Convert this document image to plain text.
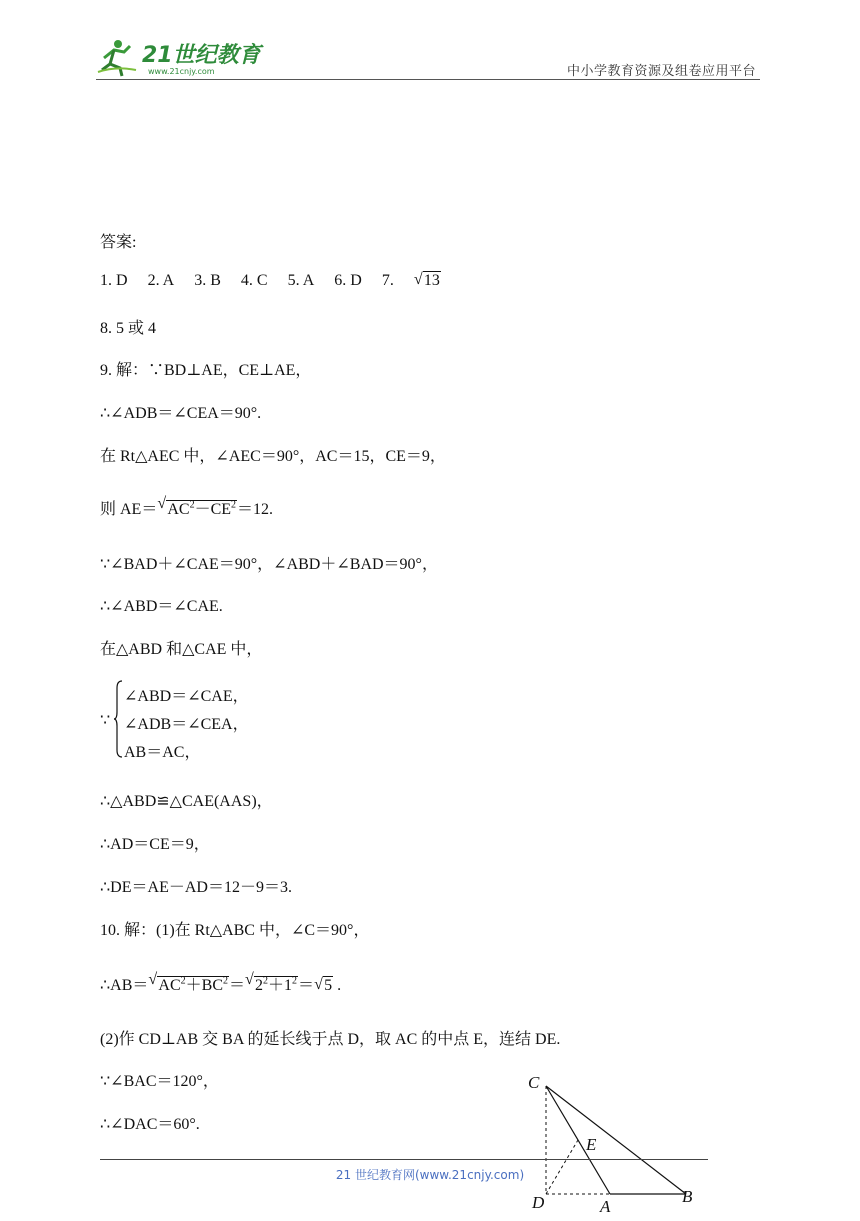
21世纪教育
www.21cnjy.com	中小学教育资源及组卷应用平台
答案:
1. D 2. A 3. B 4. C 5. A 6. D 7. √ 13
8. 5 或 4
9. 解：∵BD⊥AE，CE⊥AE，
∴∠ADB＝∠CEA＝90°.
在 Rt△AEC 中，∠AEC＝90°，AC＝15，CE＝9，
则 AE＝ √ $AC^2-CE^2=12$.
∵∠BAD＋∠CAE＝90°，∠ABD＋∠BAD＝90°，
∴∠ABD＝∠CAE.
在△ABD 和△CAE 中，
∵
∠ABD＝∠CAE，
∠ADB＝∠CEA，
AB＝AC，
∴△ABD≌△CAE(AAS)，
∴AD＝CE＝9，
∴DE＝AE－AD＝12－9＝3.
10. 解：(1)在 Rt△ABC 中，∠C＝90°，
∴AB＝ √ $AC^2+BC^2=$ √ $2^2+1^2=$ √ 5 .
(2)作 CD⊥AB 交 BA 的延长线于点 D，取 AC 的中点 E，连结 DE.
∵∠BAC＝120°，
∴∠DAC＝60°.
C
E
D	A
B
21 世纪教育网(www.21cnjy.com)
